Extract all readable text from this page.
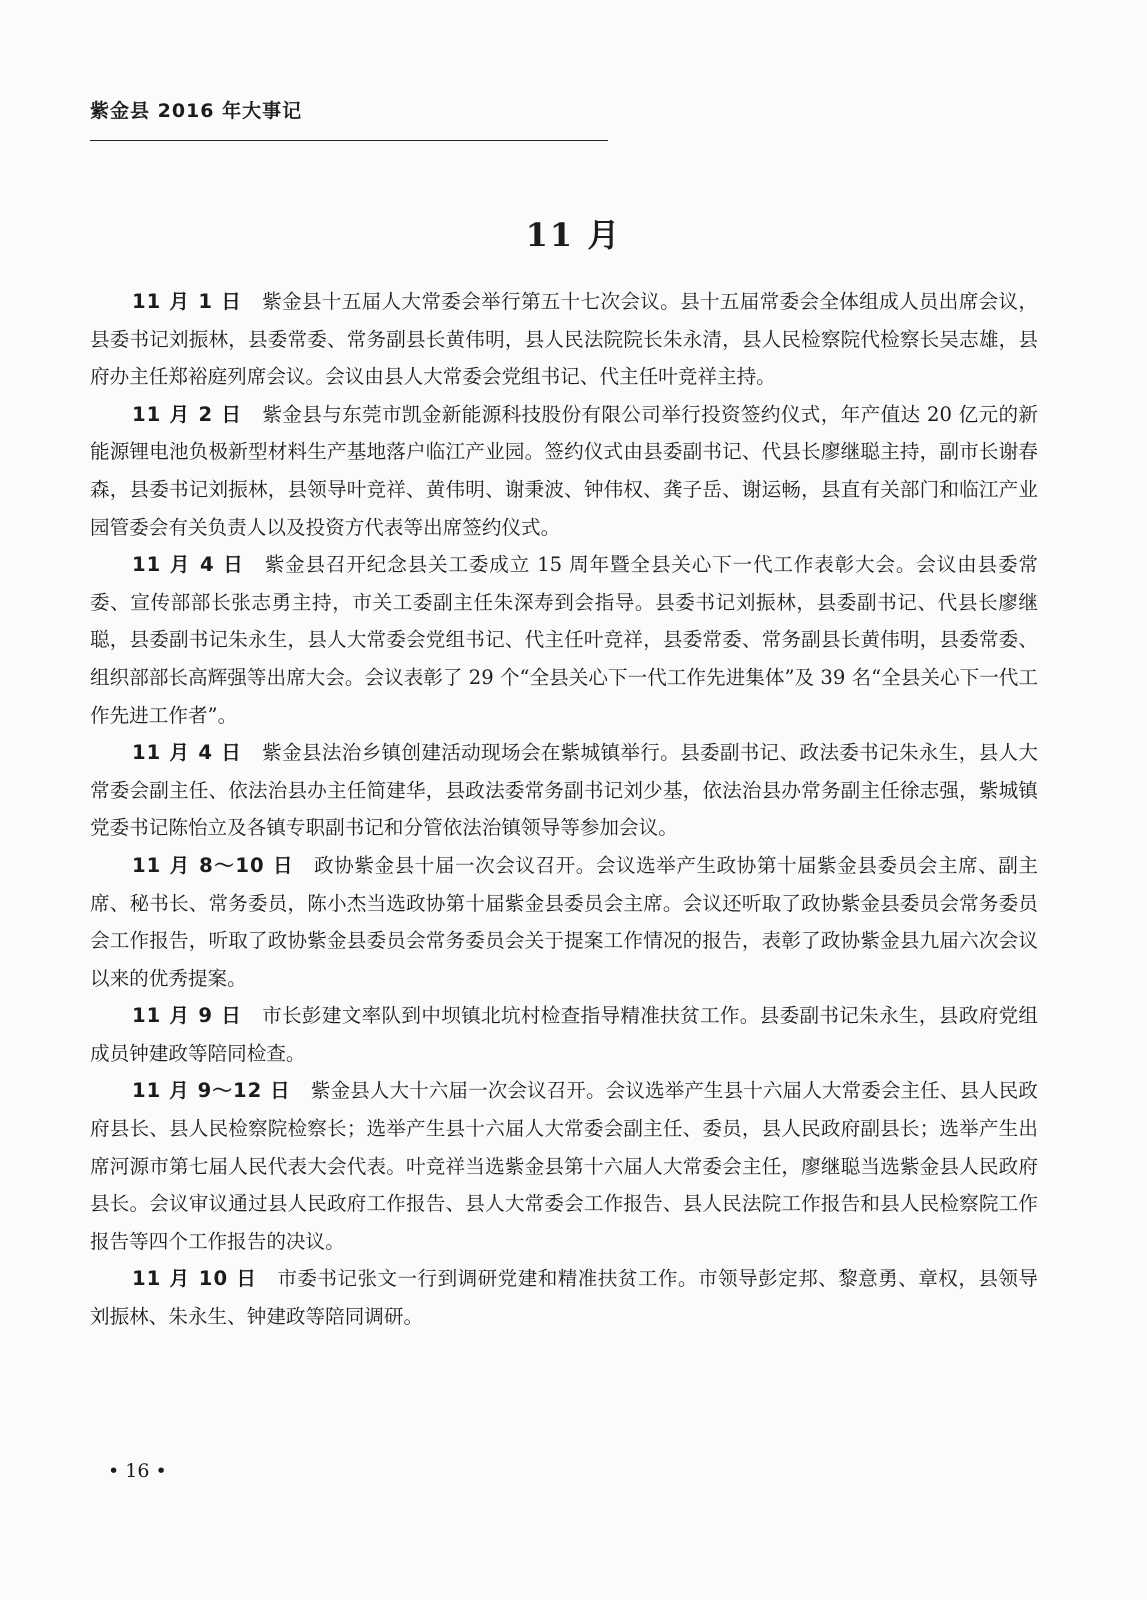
紫金县 2016 年大事记
11 月

11 月 1 日 紫金县十五届人大常委会举行第五十七次会议。县十五届常委会全体组成人员出席会议，县委书记刘振林，县委常委、常务副县长黄伟明，县人民法院院长朱永清，县人民检察院代检察长吴志雄，县府办主任郑裕庭列席会议。会议由县人大常委会党组书记、代主任叶竞祥主持。

11 月 2 日 紫金县与东莞市凯金新能源科技股份有限公司举行投资签约仪式，年产值达 20 亿元的新能源锂电池负极新型材料生产基地落户临江产业园。签约仪式由县委副书记、代县长廖继聪主持，副市长谢春森，县委书记刘振林，县领导叶竞祥、黄伟明、谢秉波、钟伟权、龚子岳、谢运畅，县直有关部门和临江产业园管委会有关负责人以及投资方代表等出席签约仪式。

11 月 4 日 紫金县召开纪念县关工委成立 15 周年暨全县关心下一代工作表彰大会。会议由县委常委、宣传部部长张志勇主持，市关工委副主任朱深寿到会指导。县委书记刘振林，县委副书记、代县长廖继聪，县委副书记朱永生，县人大常委会党组书记、代主任叶竞祥，县委常委、常务副县长黄伟明，县委常委、组织部部长高辉强等出席大会。会议表彰了 29 个“全县关心下一代工作先进集体”及 39 名“全县关心下一代工作先进工作者”。

11 月 4 日 紫金县法治乡镇创建活动现场会在紫城镇举行。县委副书记、政法委书记朱永生，县人大常委会副主任、依法治县办主任简建华，县政法委常务副书记刘少基，依法治县办常务副主任徐志强，紫城镇党委书记陈怡立及各镇专职副书记和分管依法治镇领导等参加会议。

11 月 8～10 日 政协紫金县十届一次会议召开。会议选举产生政协第十届紫金县委员会主席、副主席、秘书长、常务委员，陈小杰当选政协第十届紫金县委员会主席。会议还听取了政协紫金县委员会常务委员会工作报告，听取了政协紫金县委员会常务委员会关于提案工作情况的报告，表彰了政协紫金县九届六次会议以来的优秀提案。

11 月 9 日 市长彭建文率队到中坝镇北坑村检查指导精准扶贫工作。县委副书记朱永生，县政府党组成员钟建政等陪同检查。

11 月 9～12 日 紫金县人大十六届一次会议召开。会议选举产生县十六届人大常委会主任、县人民政府县长、县人民检察院检察长；选举产生县十六届人大常委会副主任、委员，县人民政府副县长；选举产生出席河源市第七届人民代表大会代表。叶竞祥当选紫金县第十六届人大常委会主任，廖继聪当选紫金县人民政府县长。会议审议通过县人民政府工作报告、县人大常委会工作报告、县人民法院工作报告和县人民检察院工作报告等四个工作报告的决议。

11 月 10 日 市委书记张文一行到调研党建和精准扶贫工作。市领导彭定邦、黎意勇、章权，县领导刘振林、朱永生、钟建政等陪同调研。

• 16 •
